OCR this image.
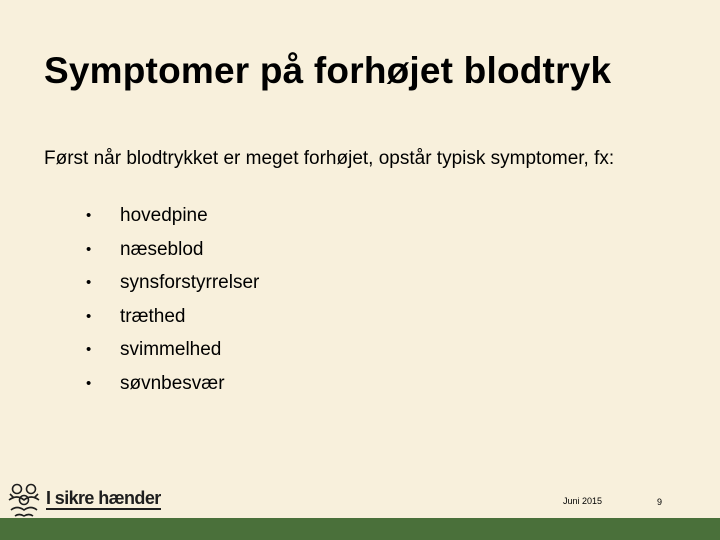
Symptomer på forhøjet blodtryk
Først når blodtrykket er meget forhøjet, opstår typisk symptomer, fx:
•	hovedpine
•	næseblod
•	synsforstyrrelser
•	træthed
•	svimmelhed
•	søvnbesvær
I sikre hænder	Juni 2015	9
